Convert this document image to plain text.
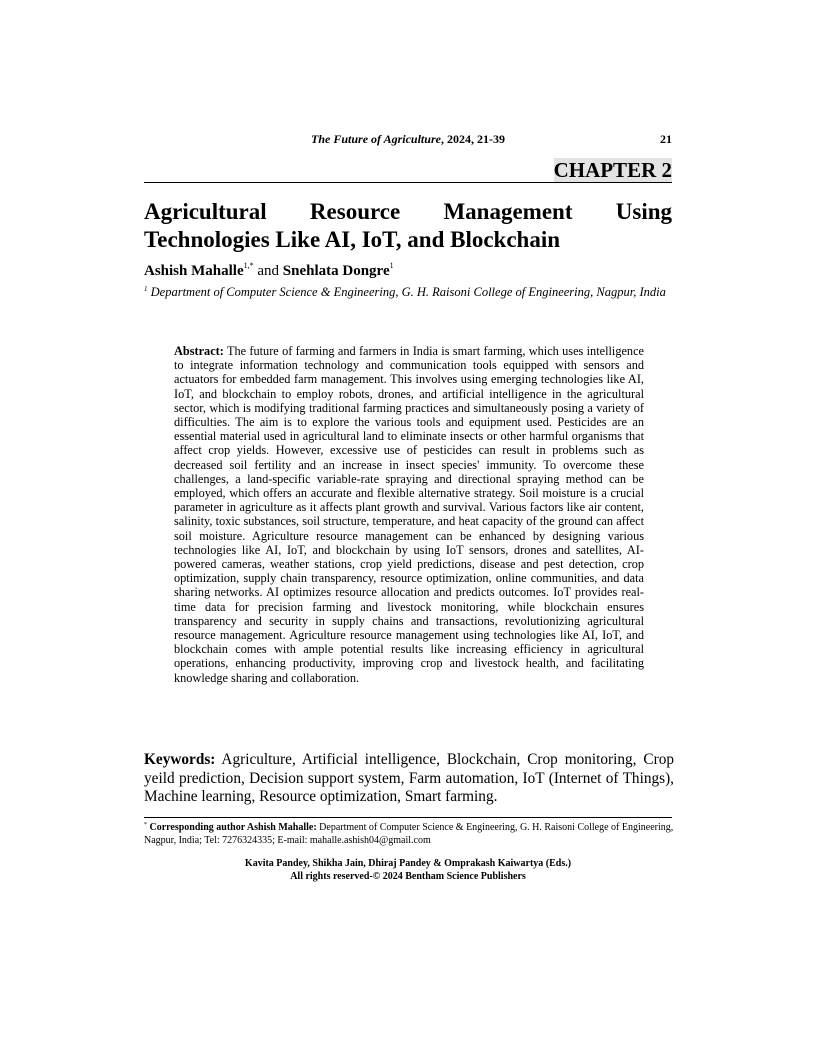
The Future of Agriculture, 2024, 21-39	21
CHAPTER 2
Agricultural Resource Management Using
Technologies Like AI, IoT, and Blockchain
Ashish Mahalle$^{1,*}$ and Snehlata Dongre$^1$
$^1$ Department of Computer Science & Engineering, G. H. Raisoni College of Engineering, Nagpur, India

Abstract: The future of farming and farmers in India is smart farming, which uses intelligence to integrate information technology and communication tools equipped with sensors and actuators for embedded farm management. This involves using emerging technologies like AI, IoT, and blockchain to employ robots, drones, and artificial intelligence in the agricultural sector, which is modifying traditional farming practices and simultaneously posing a variety of difficulties. The aim is to explore the various tools and equipment used. Pesticides are an essential material used in agricultural land to eliminate insects or other harmful organisms that affect crop yields. However, excessive use of pesticides can result in problems such as decreased soil fertility and an increase in insect species' immunity. To overcome these challenges, a land-specific variable-rate spraying and directional spraying method can be employed, which offers an accurate and flexible alternative strategy. Soil moisture is a crucial parameter in agriculture as it affects plant growth and survival. Various factors like air content, salinity, toxic substances, soil structure, temperature, and heat capacity of the ground can affect soil moisture. Agriculture resource management can be enhanced by designing various technologies like AI, IoT, and blockchain by using IoT sensors, drones and satellites, AI-powered cameras, weather stations, crop yield predictions, disease and pest detection, crop optimization, supply chain transparency, resource optimization, online communities, and data sharing networks. AI optimizes resource allocation and predicts outcomes. IoT provides real-time data for precision farming and livestock monitoring, while blockchain ensures transparency and security in supply chains and transactions, revolutionizing agricultural resource management. Agriculture resource management using technologies like AI, IoT, and blockchain comes with ample potential results like increasing efficiency in agricultural operations, enhancing productivity, improving crop and livestock health, and facilitating knowledge sharing and collaboration.

Keywords: Agriculture, Artificial intelligence, Blockchain, Crop monitoring, Crop yeild prediction, Decision support system, Farm automation, IoT (Internet of Things), Machine learning, Resource optimization, Smart farming.

* Corresponding author Ashish Mahalle: Department of Computer Science & Engineering, G. H. Raisoni College of Engineering, Nagpur, India; Tel: 7276324335; E-mail: mahalle.ashish04@gmail.com

Kavita Pandey, Shikha Jain, Dhiraj Pandey & Omprakash Kaiwartya (Eds.)
All rights reserved-© 2024 Bentham Science Publishers
